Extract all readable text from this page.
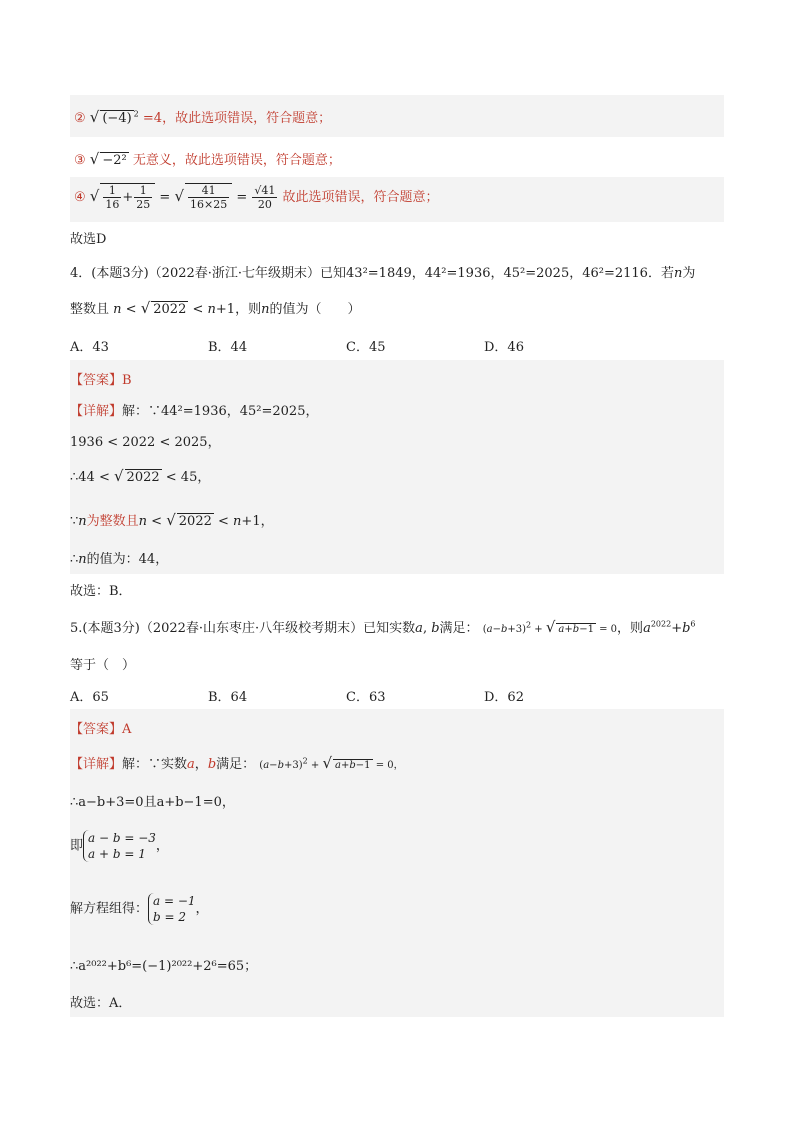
② √ (−4) $^2$ =4，故此选项错误，符合题意；
③ √ −2² 无意义，故此选项错误，符合题意；
④ √ $\frac{1}{16} + \frac{1}{25}$ = √ $\frac{41}{16\times 25} = \frac{√41}{20}$ 故此选项错误，符合题意；
故选D
4．(本题3分)（2022春·浙江·七年级期末）已知43²=1849，44²=1936，45²=2025，46²=2116．若n为
整数且 n < √ 2022 < n+1，则n的值为（　　）
A．43	B．44	C．45	D．46
【答案】B
【详解】解：∵44²=1936，45²=2025，
1936 < 2022 < 2025，
∴44 < √ 2022 < 45，
∵n为整数且n < √ 2022 < n+1，
∴n的值为：44，
故选：B．
5.(本题3分)（2022春·山东枣庄·八年级校考期末）已知实数a, b满足： $(a-b+3)^2$ + √ a+b−1 = 0，则$a^{2022}+b^6$
等于（　）
A．65	B．64	C．63	D．62
【答案】A
【详解】解：∵实数a，b满足： $(a-b+3)^2$ + √ a+b−1 = 0，
∴a−b+3=0且a+b−1=0，
即
a − b = −3
a + b = 1
，
解方程组得：
a = −1
b = 2
，
∴a²⁰²²+b⁶=(−1)²⁰²²+2⁶=65；
故选：A．
